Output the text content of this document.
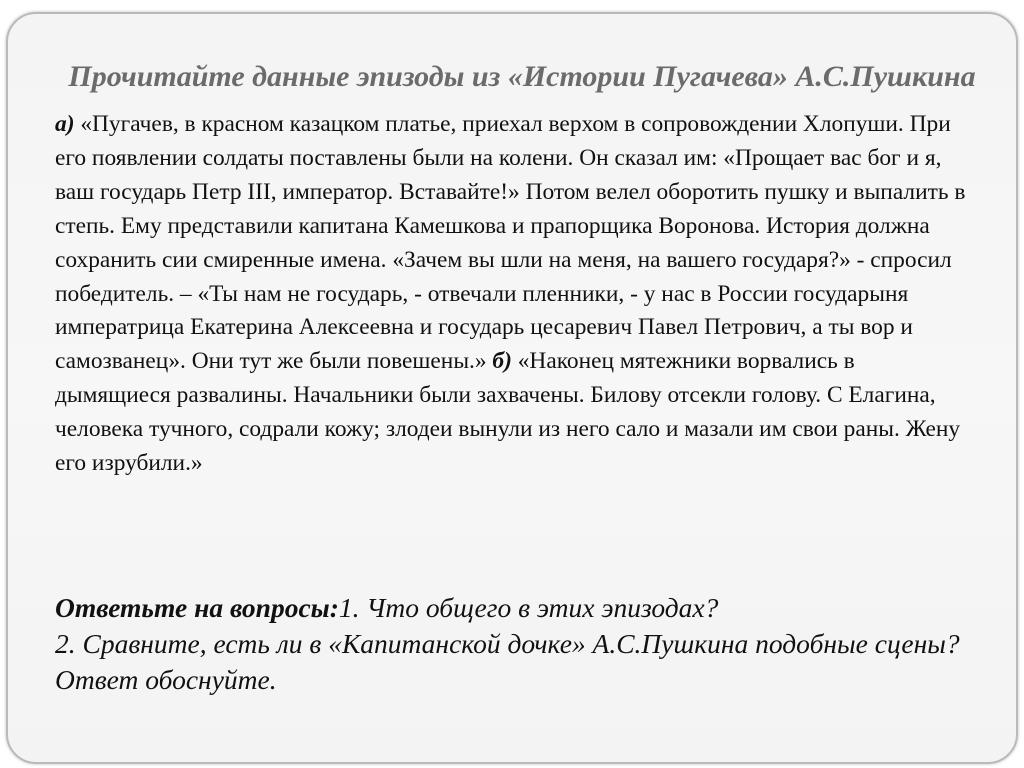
Прочитайте данные эпизоды из «Истории Пугачева» А.С.Пушкина

а) «Пугачев, в красном казацком платье, приехал верхом в сопровождении Хлопуши. При его появлении солдаты поставлены были на колени. Он сказал им: «Прощает вас бог и я, ваш государь Петр III, император. Вставайте!» Потом велел оборотить пушку и выпалить в степь. Ему представили капитана Камешкова и прапорщика Воронова. История должна сохранить сии смиренные имена. «Зачем вы шли на меня, на вашего государя?» - спросил победитель. – «Ты нам не государь, - отвечали пленники, - у нас в России государыня императрица Екатерина Алексеевна и государь цесаревич Павел Петрович, а ты вор и самозванец». Они тут же были повешены.» б) «Наконец мятежники ворвались в дымящиеся развалины. Начальники были захвачены. Билову отсекли голову. С Елагина, человека тучного, содрали кожу; злодеи вынули из него сало и мазали им свои раны. Жену его изрубили.»

Ответьте на вопросы:1. Что общего в этих эпизодах?
2. Сравните, есть ли в «Капитанской дочке» А.С.Пушкина подобные сцены? Ответ обоснуйте.
